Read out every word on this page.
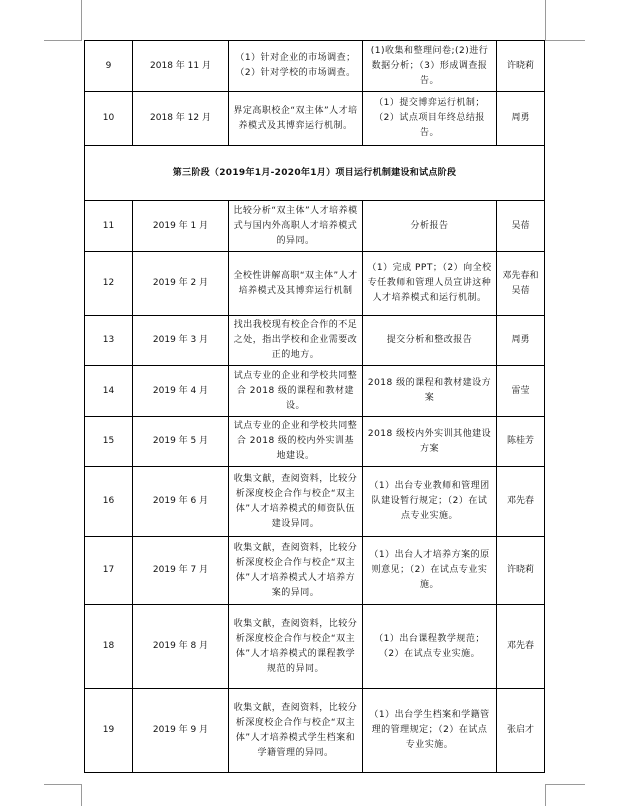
9	2018 年 11 月	（1）针对企业的市场调查；（2）针对学校的市场调查。	(1)收集和整理问卷;(2)进行数据分析；（3）形成调查报告。	许晓莉
10	2018 年 12 月	界定高职校企“双主体”人才培养模式及其博弈运行机制。	（1）提交博弈运行机制；（2）试点项目年终总结报告。	周勇
第三阶段（2019年1月-2020年1月）项目运行机制建设和试点阶段				
11	2019 年 1 月	比较分析“双主体”人才培养模式与国内外高职人才培养模式的异同。	分析报告	吴蓓
12	2019 年 2 月	全校性讲解高职“双主体”人才培养模式及其博弈运行机制	（1）完成 PPT；（2）向全校专任教师和管理人员宣讲这种人才培养模式和运行机制。	邓先春和吴蓓
13	2019 年 3 月	找出我校现有校企合作的不足之处，指出学校和企业需要改正的地方。	提交分析和整改报告	周勇
14	2019 年 4 月	试点专业的企业和学校共同整合 2018 级的课程和教材建设。	2018 级的课程和教材建设方案	雷莹
15	2019 年 5 月	试点专业的企业和学校共同整合 2018 级的校内外实训基地建设。	2018 级校内外实训其他建设方案	陈桂芳
16	2019 年 6 月	收集文献，查阅资料，比较分析深度校企合作与校企“双主体”人才培养模式的师资队伍建设异同。	（1）出台专业教师和管理团队建设暂行规定；（2）在试点专业实施。	邓先春
17	2019 年 7 月	收集文献，查阅资料，比较分析深度校企合作与校企“双主体”人才培养模式人才培养方案的异同。	（1）出台人才培养方案的原则意见；（2）在试点专业实施。	许晓莉
18	2019 年 8 月	收集文献，查阅资料，比较分析深度校企合作与校企“双主体”人才培养模式的课程教学规范的异同。	（1）出台课程教学规范；（2）在试点专业实施。	邓先春
19	2019 年 9 月	收集文献，查阅资料，比较分析深度校企合作与校企“双主体”人才培养模式学生档案和学籍管理的异同。	（1）出台学生档案和学籍管理的管理规定；（2）在试点专业实施。	张启才
